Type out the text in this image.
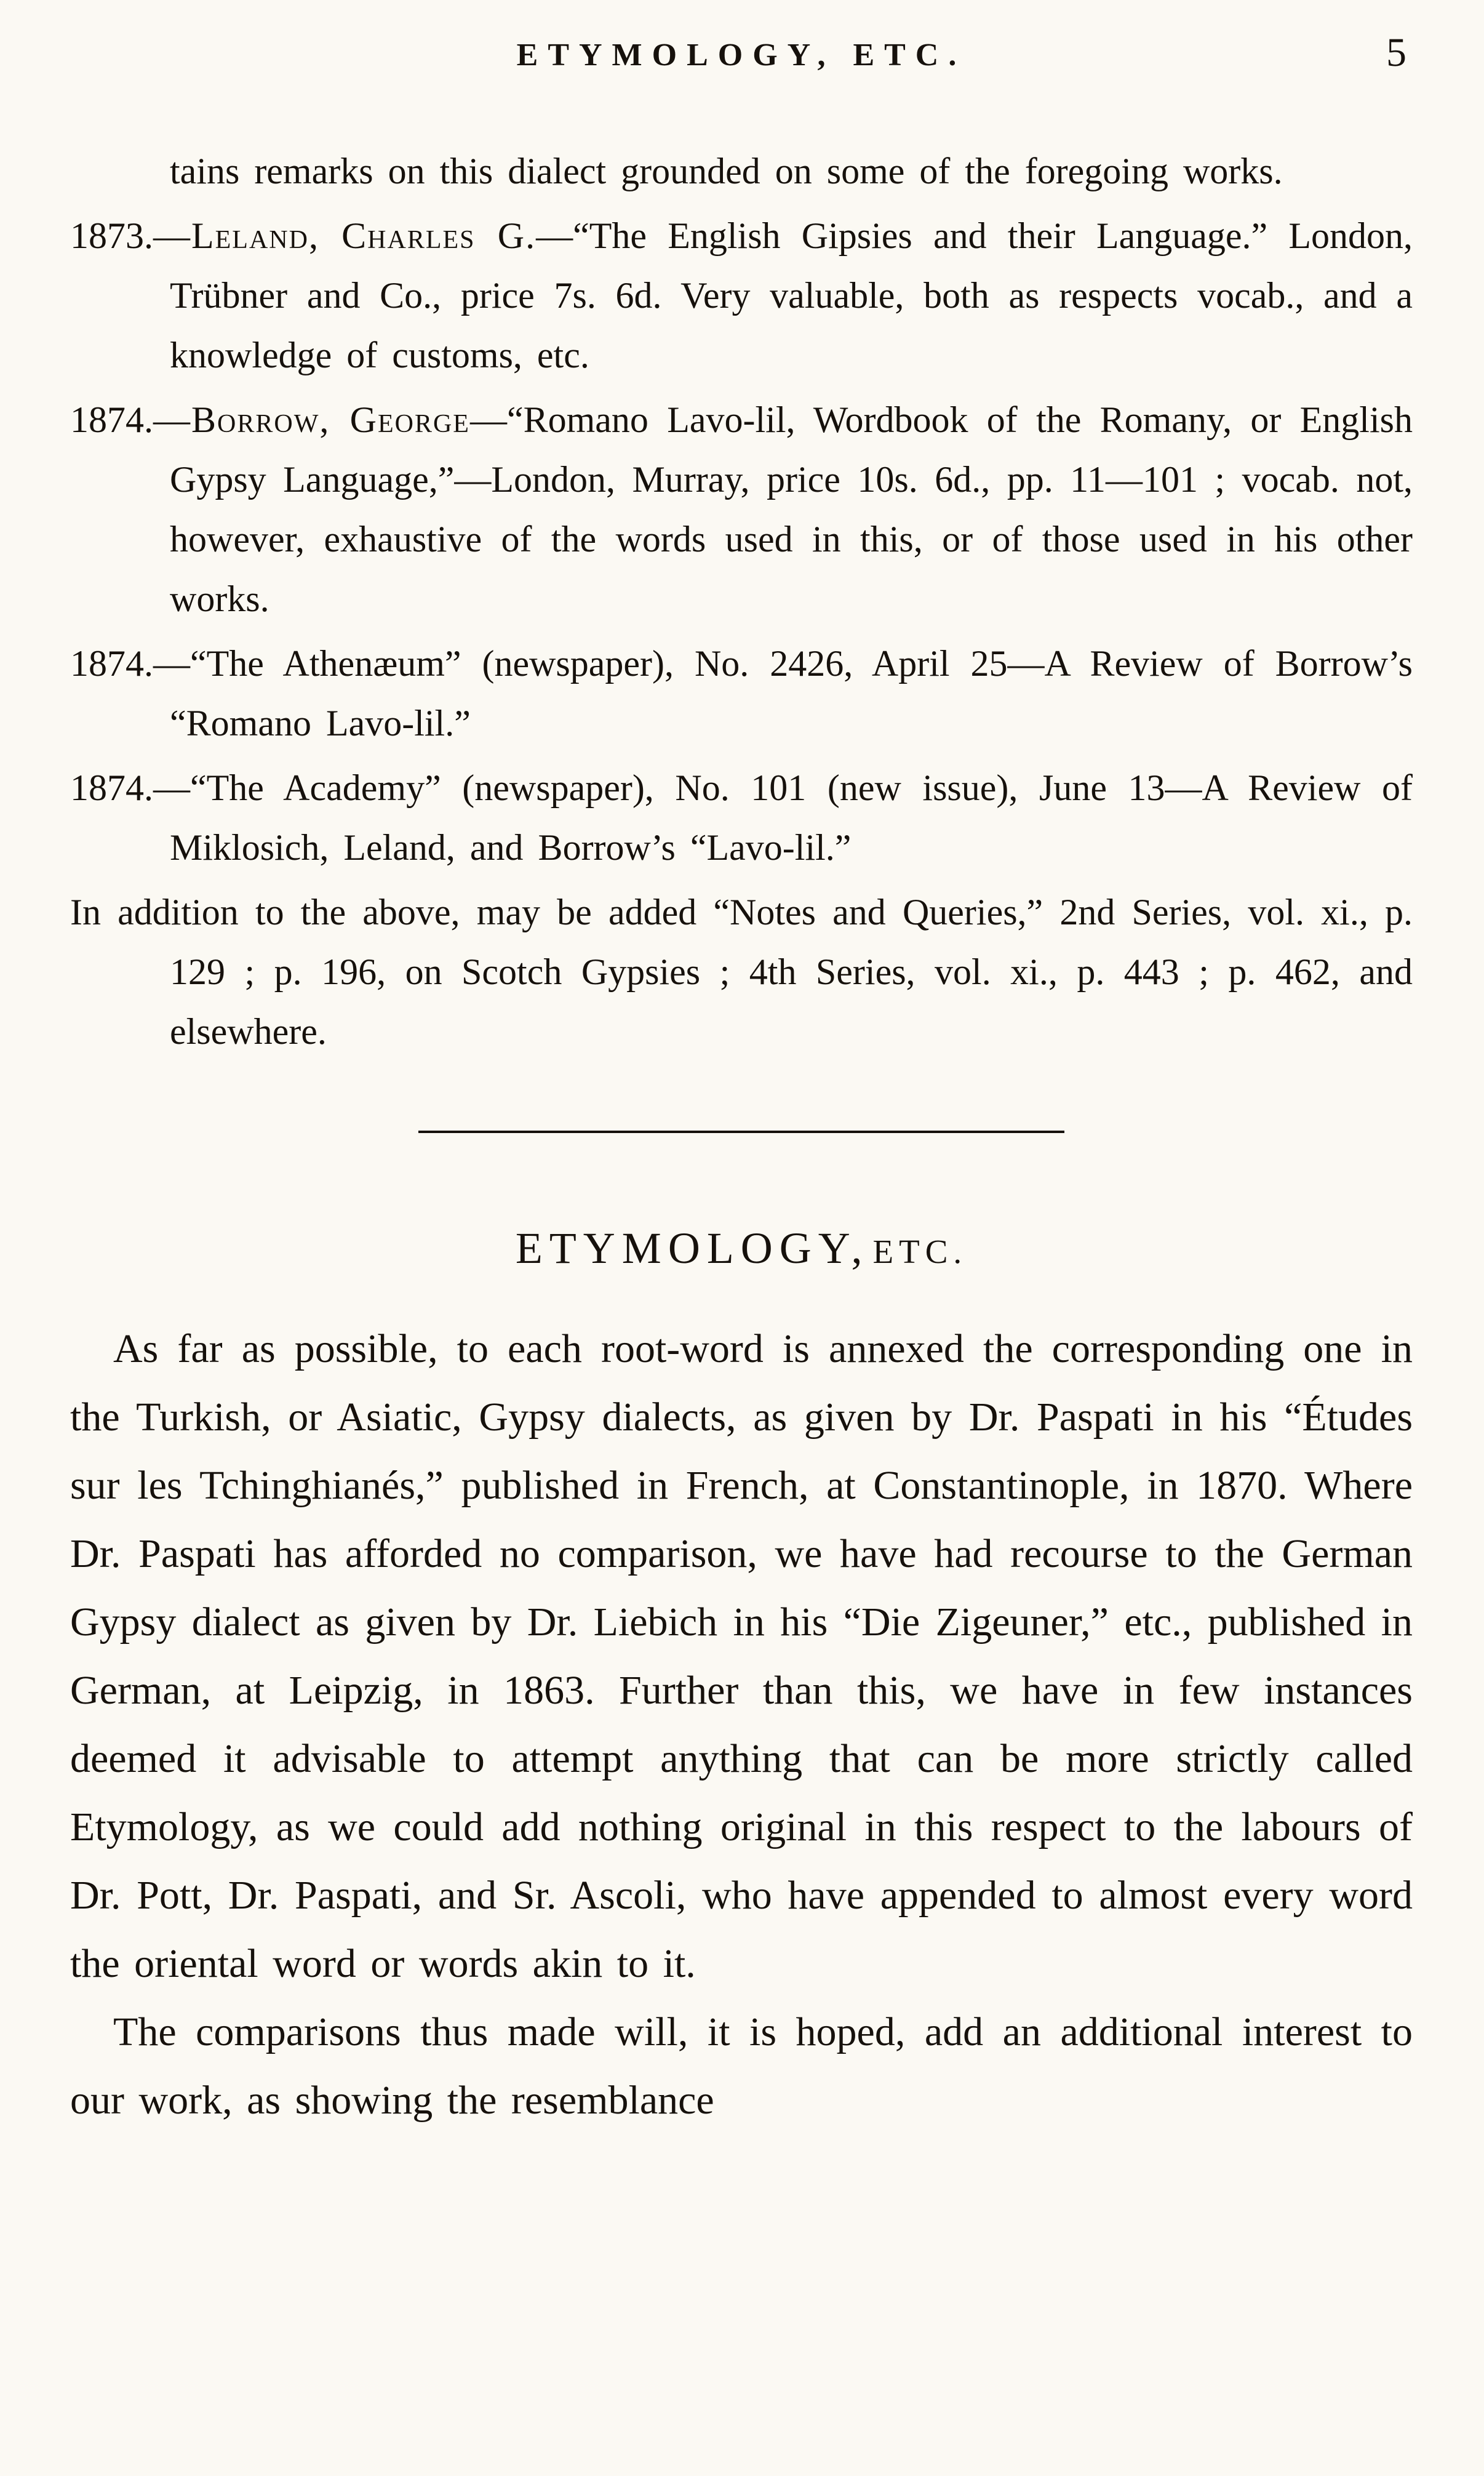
ETYMOLOGY, ETC.	5

tains remarks on this dialect grounded on some of the foregoing works.

1873.—Leland, Charles G.—“The English Gipsies and their Language.” London, Trübner and Co., price 7s. 6d. Very valuable, both as respects vocab., and a knowledge of customs, etc.

1874.—Borrow, George—“Romano Lavo-lil, Wordbook of the Romany, or English Gypsy Language,”—London, Murray, price 10s. 6d., pp. 11—101 ; vocab. not, however, exhaustive of the words used in this, or of those used in his other works.

1874.—“The Athenæum” (newspaper), No. 2426, April 25—A Review of Borrow’s “Romano Lavo-lil.”

1874.—“The Academy” (newspaper), No. 101 (new issue), June 13—A Review of Miklosich, Leland, and Borrow’s “Lavo-lil.”

In addition to the above, may be added “Notes and Queries,” 2nd Series, vol. xi., p. 129 ; p. 196, on Scotch Gypsies ; 4th Series, vol. xi., p. 443 ; p. 462, and elsewhere.

ETYMOLOGY, ETC.

As far as possible, to each root-word is annexed the corresponding one in the Turkish, or Asiatic, Gypsy dialects, as given by Dr. Paspati in his “Études sur les Tchinghianés,” published in French, at Constantinople, in 1870. Where Dr. Paspati has afforded no comparison, we have had recourse to the German Gypsy dialect as given by Dr. Liebich in his “Die Zigeuner,” etc., published in German, at Leipzig, in 1863. Further than this, we have in few instances deemed it advisable to attempt anything that can be more strictly called Etymology, as we could add nothing original in this respect to the labours of Dr. Pott, Dr. Paspati, and Sr. Ascoli, who have appended to almost every word the oriental word or words akin to it.

The comparisons thus made will, it is hoped, add an additional interest to our work, as showing the resemblance
